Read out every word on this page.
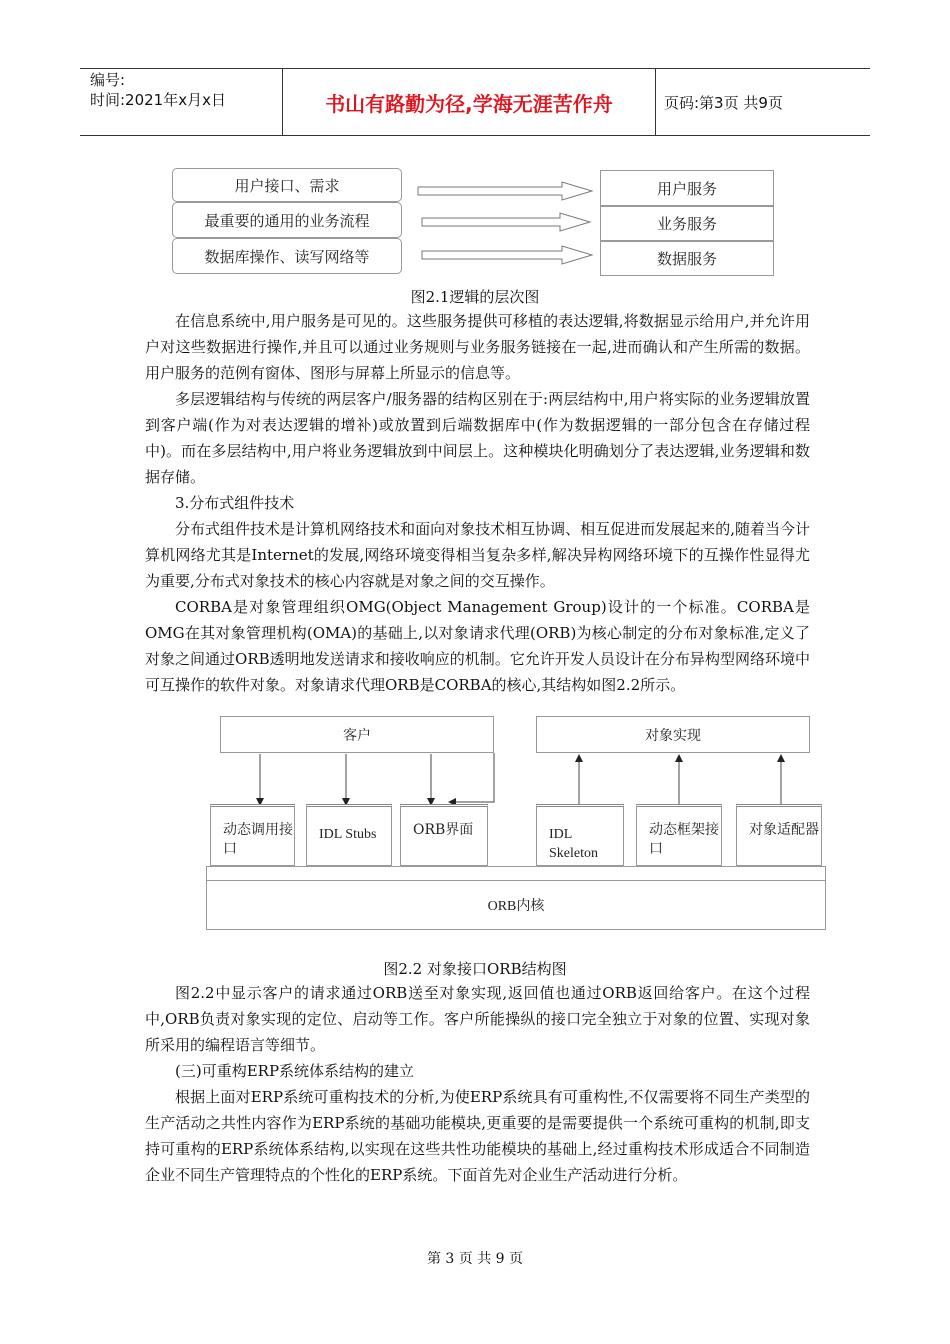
编号:
时间:2021年x月x日	书山有路勤为径,学海无涯苦作舟	页码:第3页 共9页
用户接口、需求
最重要的通用的业务流程
数据库操作、读写网络等
用户服务
业务服务
数据服务
图2.1逻辑的层次图

在信息系统中,用户服务是可见的。这些服务提供可移植的表达逻辑,将数据显示给用户,并允许用户对这些数据进行操作,并且可以通过业务规则与业务服务链接在一起,进而确认和产生所需的数据。用户服务的范例有窗体、图形与屏幕上所显示的信息等。

多层逻辑结构与传统的两层客户/服务器的结构区别在于:两层结构中,用户将实际的业务逻辑放置到客户端(作为对表达逻辑的增补)或放置到后端数据库中(作为数据逻辑的一部分包含在存储过程中)。而在多层结构中,用户将业务逻辑放到中间层上。这种模块化明确划分了表达逻辑,业务逻辑和数据存储。

3.分布式组件技术

分布式组件技术是计算机网络技术和面向对象技术相互协调、相互促进而发展起来的,随着当今计算机网络尤其是Internet的发展,网络环境变得相当复杂多样,解决异构网络环境下的互操作性显得尤为重要,分布式对象技术的核心内容就是对象之间的交互操作。

CORBA是对象管理组织OMG(Object Management Group)设计的一个标准。CORBA是OMG在其对象管理机构(OMA)的基础上,以对象请求代理(ORB)为核心制定的分布对象标准,定义了对象之间通过ORB透明地发送请求和接收响应的机制。它允许开发人员设计在分布异构型网络环境中可互操作的软件对象。对象请求代理ORB是CORBA的核心,其结构如图2.2所示。

客户	对象实现
动态调用接口
IDL Stubs	ORB界面	IDL Skeleton
动态框架接口
对象适配器
ORB内核
图2.2 对象接口ORB结构图

图2.2中显示客户的请求通过ORB送至对象实现,返回值也通过ORB返回给客户。在这个过程中,ORB负责对象实现的定位、启动等工作。客户所能操纵的接口完全独立于对象的位置、实现对象所采用的编程语言等细节。

(三)可重构ERP系统体系结构的建立

根据上面对ERP系统可重构技术的分析,为使ERP系统具有可重构性,不仅需要将不同生产类型的生产活动之共性内容作为ERP系统的基础功能模块,更重要的是需要提供一个系统可重构的机制,即支持可重构的ERP系统体系结构,以实现在这些共性功能模块的基础上,经过重构技术形成适合不同制造企业不同生产管理特点的个性化的ERP系统。下面首先对企业生产活动进行分析。

第 3 页 共 9 页
